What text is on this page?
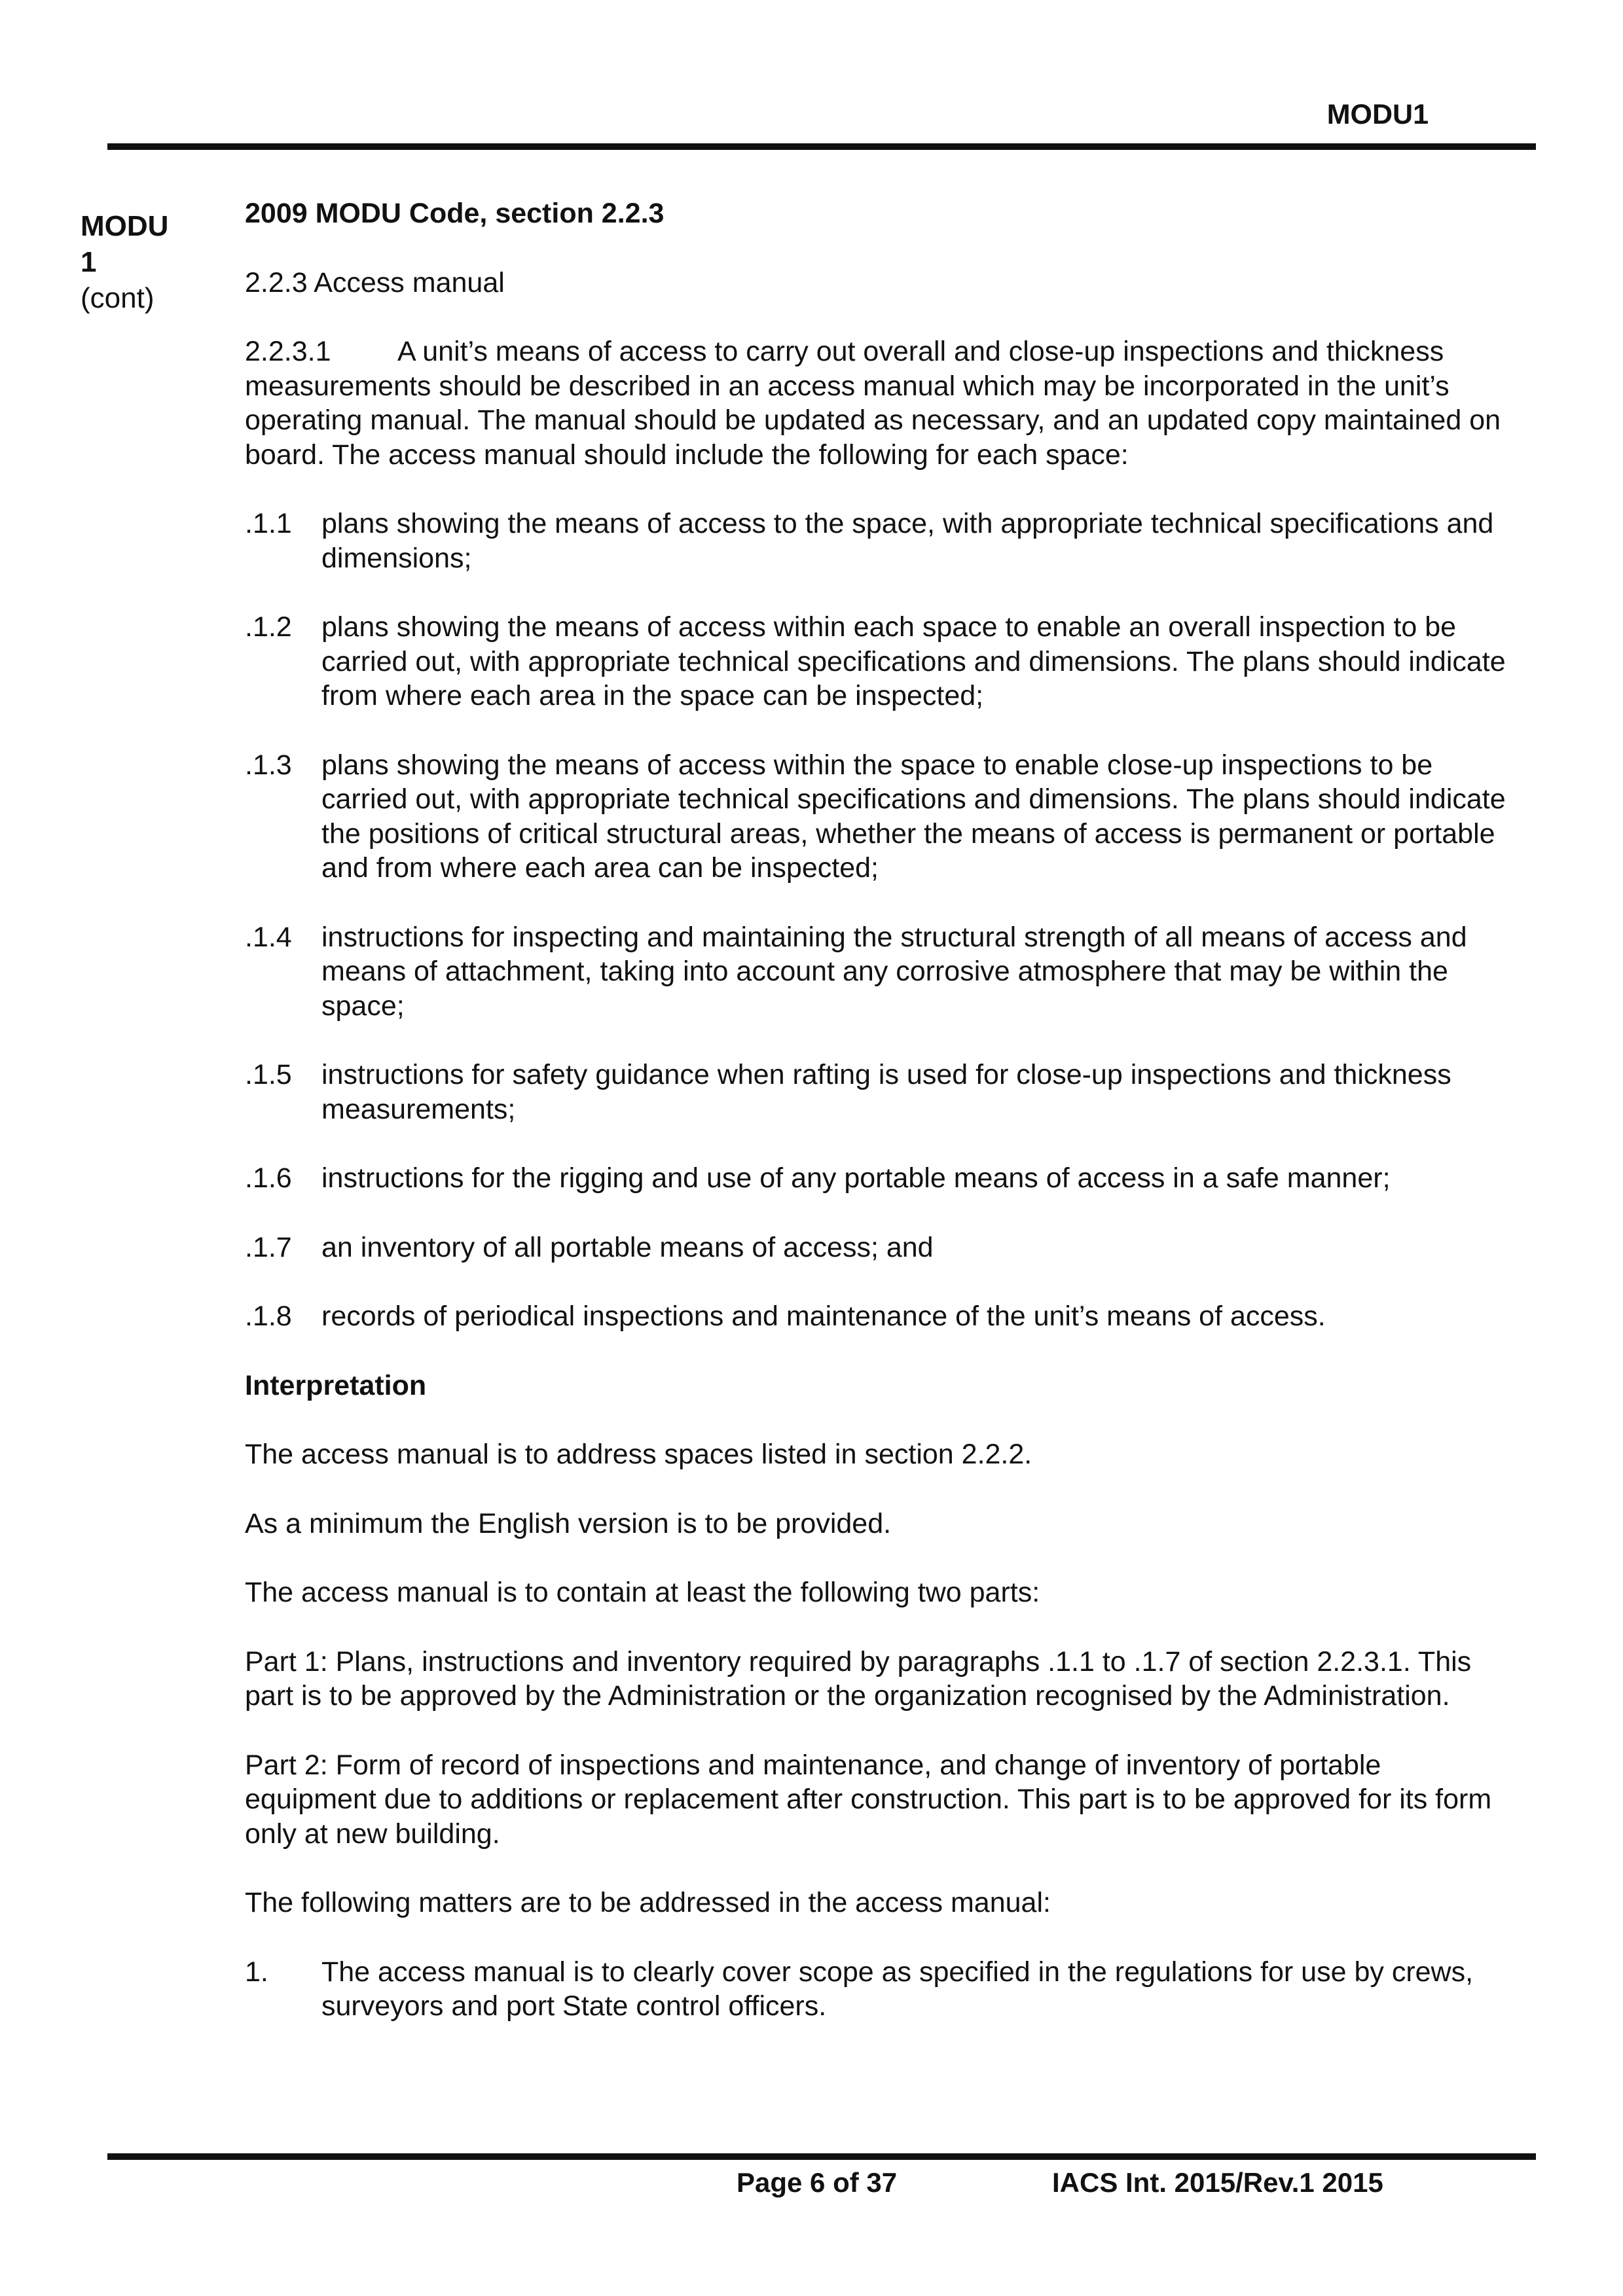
MODU1
MODU
1
(cont)

2009 MODU Code, section 2.2.3

2.2.3 Access manual

2.2.3.1 A unit’s means of access to carry out overall and close-up inspections and thickness measurements should be described in an access manual which may be incorporated in the unit’s operating manual. The manual should be updated as necessary, and an updated copy maintained on board. The access manual should include the following for each space:

.1.1	plans showing the means of access to the space, with appropriate technical specifications and dimensions;
.1.2	plans showing the means of access within each space to enable an overall inspection to be carried out, with appropriate technical specifications and dimensions. The plans should indicate from where each area in the space can be inspected;
.1.3	plans showing the means of access within the space to enable close-up inspections to be carried out, with appropriate technical specifications and dimensions. The plans should indicate the positions of critical structural areas, whether the means of access is permanent or portable and from where each area can be inspected;
.1.4	instructions for inspecting and maintaining the structural strength of all means of access and means of attachment, taking into account any corrosive atmosphere that may be within the space;
.1.5	instructions for safety guidance when rafting is used for close-up inspections and thickness measurements;
.1.6	instructions for the rigging and use of any portable means of access in a safe manner;
.1.7	an inventory of all portable means of access; and
.1.8	records of periodical inspections and maintenance of the unit’s means of access.

Interpretation

The access manual is to address spaces listed in section 2.2.2.

As a minimum the English version is to be provided.

The access manual is to contain at least the following two parts:

Part 1: Plans, instructions and inventory required by paragraphs .1.1 to .1.7 of section 2.2.3.1. This part is to be approved by the Administration or the organization recognised by the Administration.

Part 2: Form of record of inspections and maintenance, and change of inventory of portable equipment due to additions or replacement after construction. This part is to be approved for its form only at new building.

The following matters are to be addressed in the access manual:

1.	The access manual is to clearly cover scope as specified in the regulations for use by crews, surveyors and port State control officers.
Page 6 of 37	IACS Int. 2015/Rev.1 2015
